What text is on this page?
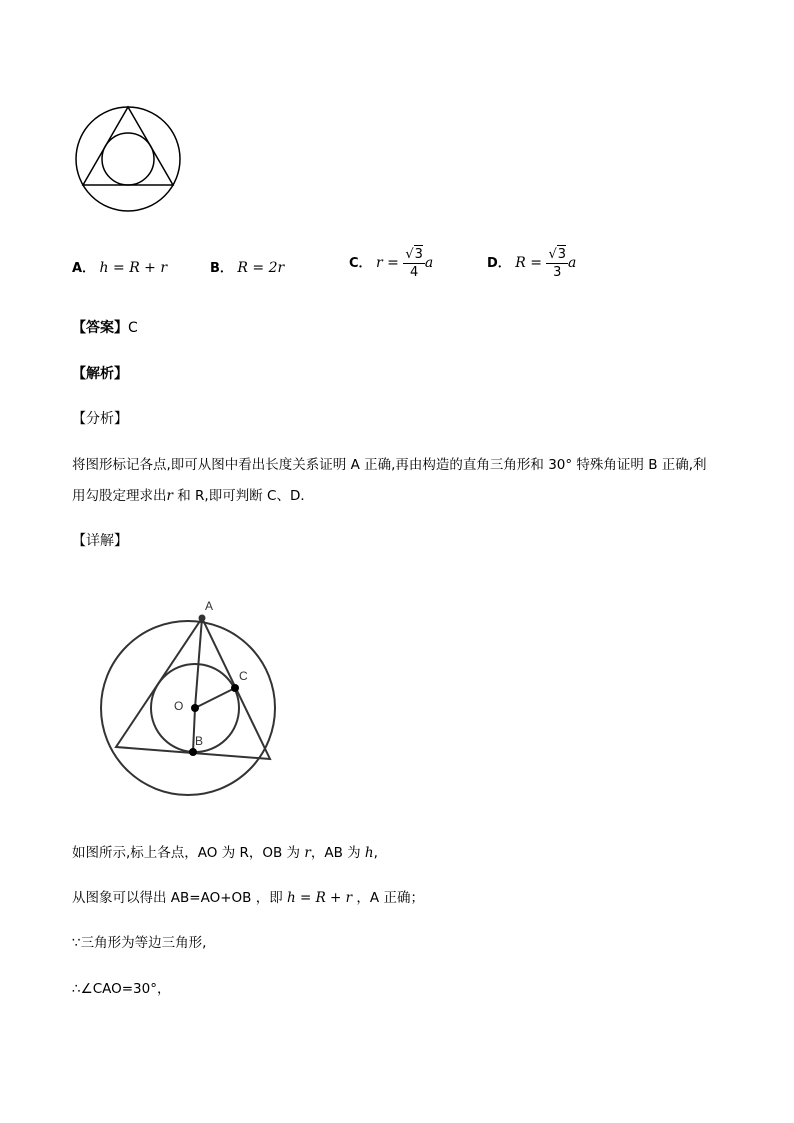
A． h = R + r	B． R = 2r	C． $r = \frac{√3}{4}$ a	D． $R = \frac{√3}{3}$ a
【答案】C
【解析】
【分析】
将图形标记各点,即可从图中看出长度关系证明 A 正确,再由构造的直角三角形和 30° 特殊角证明 B 正确,利
用勾股定理求出r 和 R,即可判断 C、D．
【详解】
A
O
C
B
如图所示,标上各点，AO 为 R，OB 为 r，AB 为 h,
从图象可以得出 AB=AO+OB ，即 h = R + r ，A 正确；
∵三角形为等边三角形,
∴∠CAO=30°，
